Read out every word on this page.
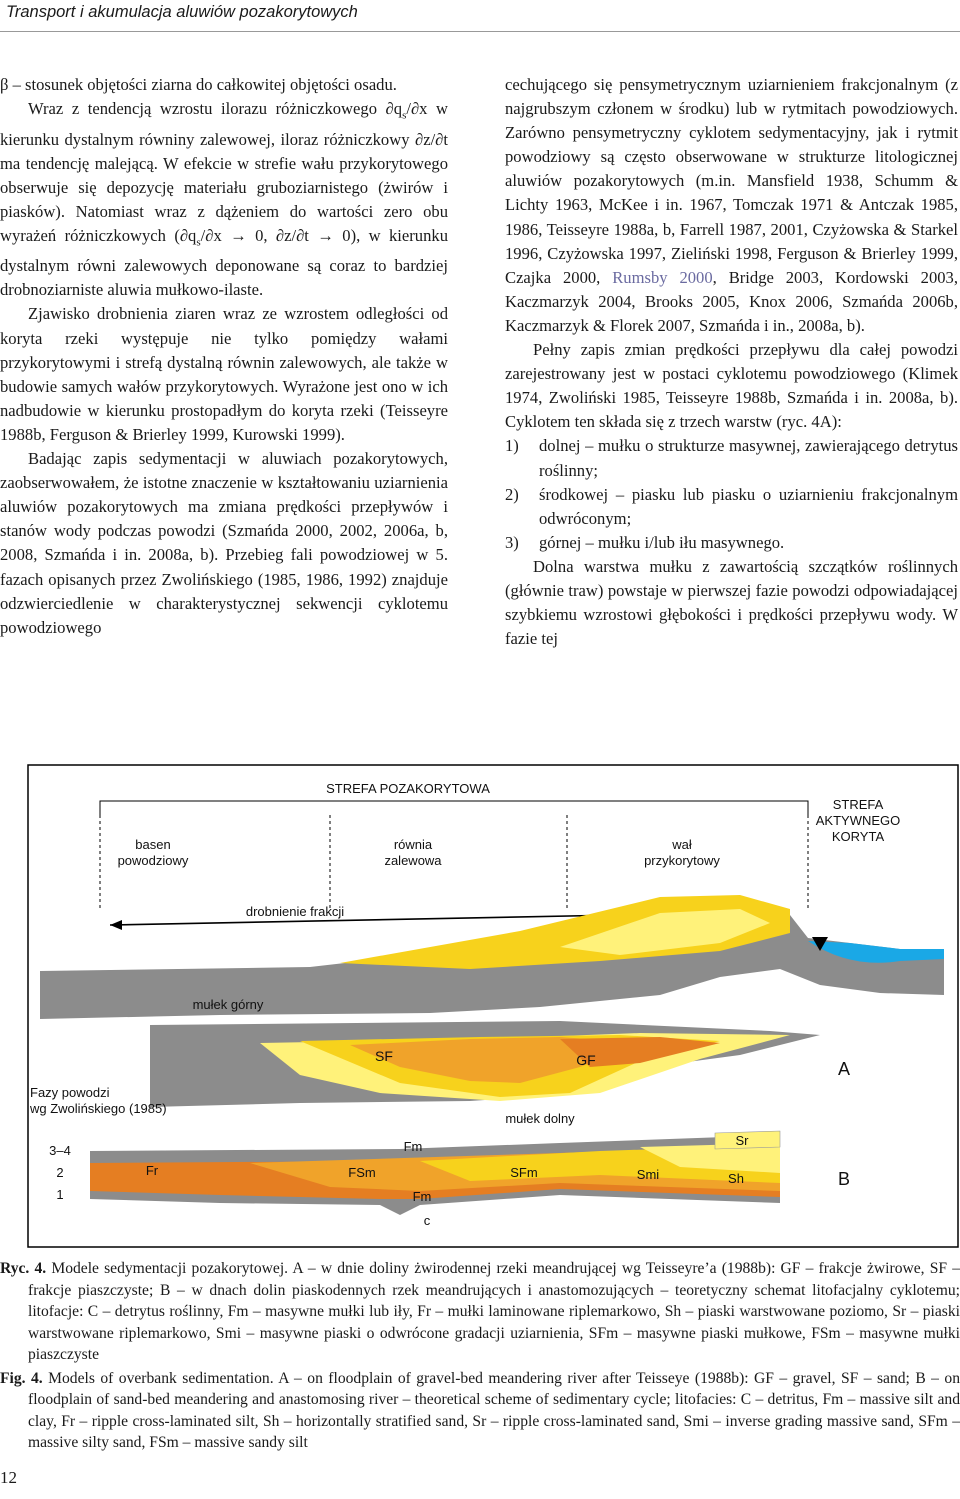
Transport i akumulacja aluwiów pozakorytowych

β – stosunek objętości ziarna do całkowitej objętości osadu.

Wraz z tendencją wzrostu ilorazu różniczkowego $\partial q_s/\partial x$ w kierunku dystalnym równiny zalewowej, iloraz różniczkowy ∂z/∂t ma tendencję malejącą. W efekcie w strefie wału przykorytowego obserwuje się depozycję materiału gruboziarnistego (żwirów i piasków). Natomiast wraz z dążeniem do wartości zero obu wyrażeń różniczkowych ($\partial q_s/\partial x \to 0$, ∂z/∂t → 0), w kierunku dystalnym równi zalewowych deponowane są coraz to bardziej drobnoziarniste aluwia mułkowo-ilaste.

Zjawisko drobnienia ziaren wraz ze wzrostem odległości od koryta rzeki występuje nie tylko pomiędzy wałami przykorytowymi i strefą dystalną równin zalewowych, ale także w budowie samych wałów przykorytowych. Wyrażone jest ono w ich nadbudowie w kierunku prostopadłym do koryta rzeki (Teisseyre 1988b, Ferguson & Brierley 1999, Kurowski 1999).

Badając zapis sedymentacji w aluwiach pozakorytowych, zaobserwowałem, że istotne znaczenie w kształtowaniu uziarnienia aluwiów pozakorytowych ma zmiana prędkości przepływów i stanów wody podczas powodzi (Szmańda 2000, 2002, 2006a, b, 2008, Szmańda i in. 2008a, b). Przebieg fali powodziowej w 5. fazach opisanych przez Zwolińskiego (1985, 1986, 1992) znajduje odzwierciedlenie w charakterystycznej sekwencji cyklotemu powodziowego

cechującego się pensymetrycznym uziarnieniem frakcjonalnym (z najgrubszym członem w środku) lub w rytmitach powodziowych. Zarówno pensymetryczny cyklotem sedymentacyjny, jak i rytmit powodziowy są często obserwowane w strukturze litologicznej aluwiów pozakorytowych (m.in. Mansfield 1938, Schumm & Lichty 1963, McKee i in. 1967, Tomczak 1971 & Antczak 1985, 1986, Teisseyre 1988a, b, Farrell 1987, 2001, Czyżowska & Starkel 1996, Czyżowska 1997, Zieliński 1998, Ferguson & Brierley 1999, Czajka 2000, Rumsby 2000, Bridge 2003, Kordowski 2003, Kaczmarzyk 2004, Brooks 2005, Knox 2006, Szmańda 2006b, Kaczmarzyk & Florek 2007, Szmańda i in., 2008a, b).

Pełny zapis zmian prędkości przepływu dla całej powodzi zarejestrowany jest w postaci cyklotemu powodziowego (Klimek 1974, Zwoliński 1985, Teisseyre 1988b, Szmańda i in. 2008a, b). Cyklotem ten składa się z trzech warstw (ryc. 4A):

1)	dolnej – mułku o strukturze masywnej, zawierającego detrytus roślinny;
2)	środkowej – piasku lub piasku o uziarnieniu frakcjonalnym odwróconym;
3)	górnej – mułku i/lub iłu masywnego.

Dolna warstwa mułku z zawartością szczątków roślinnych (głównie traw) powstaje w pierwszej fazie powodzi odpowiadającej szybkiemu wzrostowi głębokości i prędkości przepływu wody. W fazie tej

STREFA POZAKORYTOWA
STREFA
AKTYWNEGO
KORYTA
basen
powodziowy
równia
zalewowa
wał
przykorytowy
drobnienie frakcji
mułek górny
SF	GF
mułek dolny
A
Fazy powodzi
wg Zwolińskiego (1985)
3–4
2
1
Fm
Fr	FSm	SFm	Smi
Sr
Sh
Fm
c
B

Ryc. 4. Modele sedymentacji pozakorytowej. A – w dnie doliny żwirodennej rzeki meandrującej wg Teisseyre’a (1988b): GF – frakcje żwirowe, SF – frakcje piaszczyste; B – w dnach dolin piaskodennych rzek meandrujących i anastomozujących – teoretyczny schemat litofacjalny cyklotemu; litofacje: C – detrytus roślinny, Fm – masywne mułki lub iły, Fr – mułki laminowane riplemarkowo, Sh – piaski warstwowane poziomo, Sr – piaski warstwowane riplemarkowo, Smi – masywne piaski o odwrócone gradacji uziarnienia, SFm – masywne piaski mułkowe, FSm – masywne mułki piaszczyste

Fig. 4. Models of overbank sedimentation. A – on floodplain of gravel-bed meandering river after Teisseye (1988b): GF – gravel, SF – sand; B – on floodplain of sand-bed meandering and anastomosing river – theoretical scheme of sedimentary cycle; litofacies: C – detritus, Fm – massive silt and clay, Fr – ripple cross-laminated silt, Sh – horizontally stratified sand, Sr – ripple cross-laminated sand, Smi – inverse grading massive sand, SFm – massive silty sand, FSm – massive sandy silt

12
